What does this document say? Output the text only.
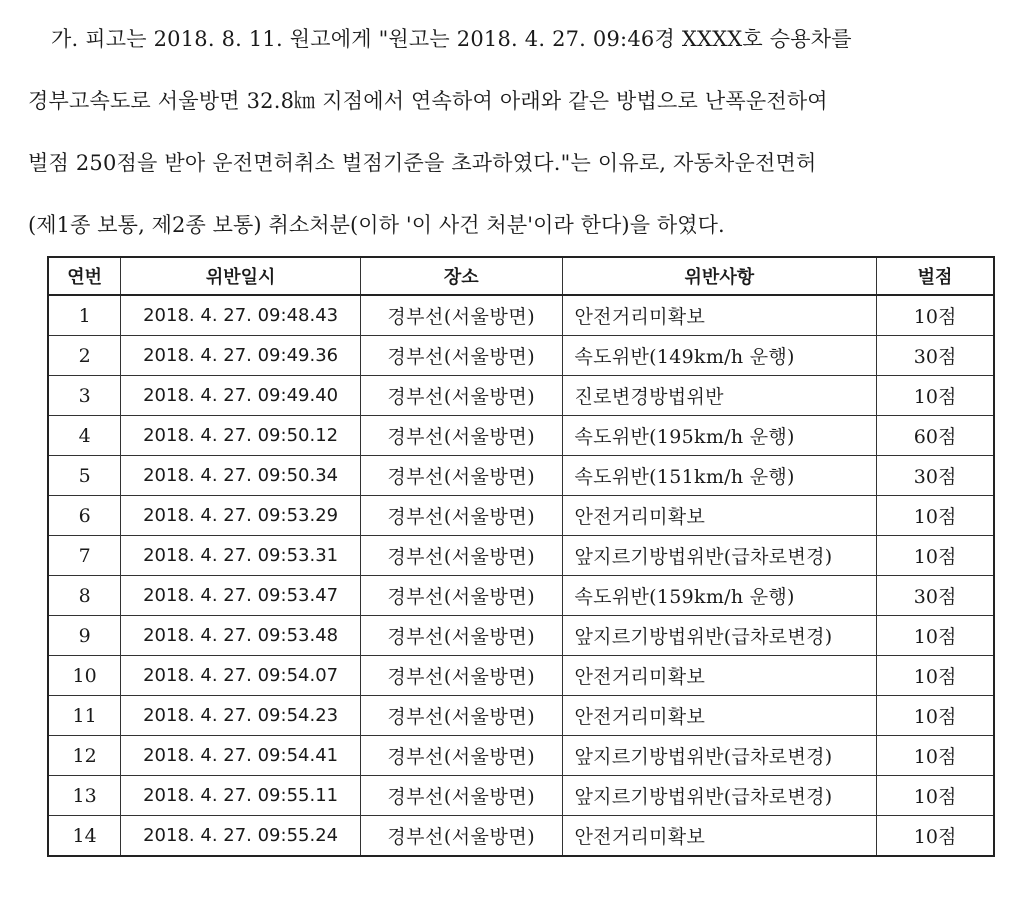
가. 피고는 2018. 8. 11. 원고에게 "원고는 2018. 4. 27. 09:46경 XXXX호 승용차를
경부고속도로 서울방면 32.8㎞ 지점에서 연속하여 아래와 같은 방법으로 난폭운전하여
벌점 250점을 받아 운전면허취소 벌점기준을 초과하였다."는 이유로, 자동차운전면허
(제1종 보통, 제2종 보통) 취소처분(이하 '이 사건 처분'이라 한다)을 하였다.
연번	위반일시	장소	위반사항	벌점
1	2018. 4. 27. 09:48.43	경부선(서울방면)	안전거리미확보	10점
2	2018. 4. 27. 09:49.36	경부선(서울방면)	속도위반(149km/h 운행)	30점
3	2018. 4. 27. 09:49.40	경부선(서울방면)	진로변경방법위반	10점
4	2018. 4. 27. 09:50.12	경부선(서울방면)	속도위반(195km/h 운행)	60점
5	2018. 4. 27. 09:50.34	경부선(서울방면)	속도위반(151km/h 운행)	30점
6	2018. 4. 27. 09:53.29	경부선(서울방면)	안전거리미확보	10점
7	2018. 4. 27. 09:53.31	경부선(서울방면)	앞지르기방법위반(급차로변경)	10점
8	2018. 4. 27. 09:53.47	경부선(서울방면)	속도위반(159km/h 운행)	30점
9	2018. 4. 27. 09:53.48	경부선(서울방면)	앞지르기방법위반(급차로변경)	10점
10	2018. 4. 27. 09:54.07	경부선(서울방면)	안전거리미확보	10점
11	2018. 4. 27. 09:54.23	경부선(서울방면)	안전거리미확보	10점
12	2018. 4. 27. 09:54.41	경부선(서울방면)	앞지르기방법위반(급차로변경)	10점
13	2018. 4. 27. 09:55.11	경부선(서울방면)	앞지르기방법위반(급차로변경)	10점
14	2018. 4. 27. 09:55.24	경부선(서울방면)	안전거리미확보	10점
